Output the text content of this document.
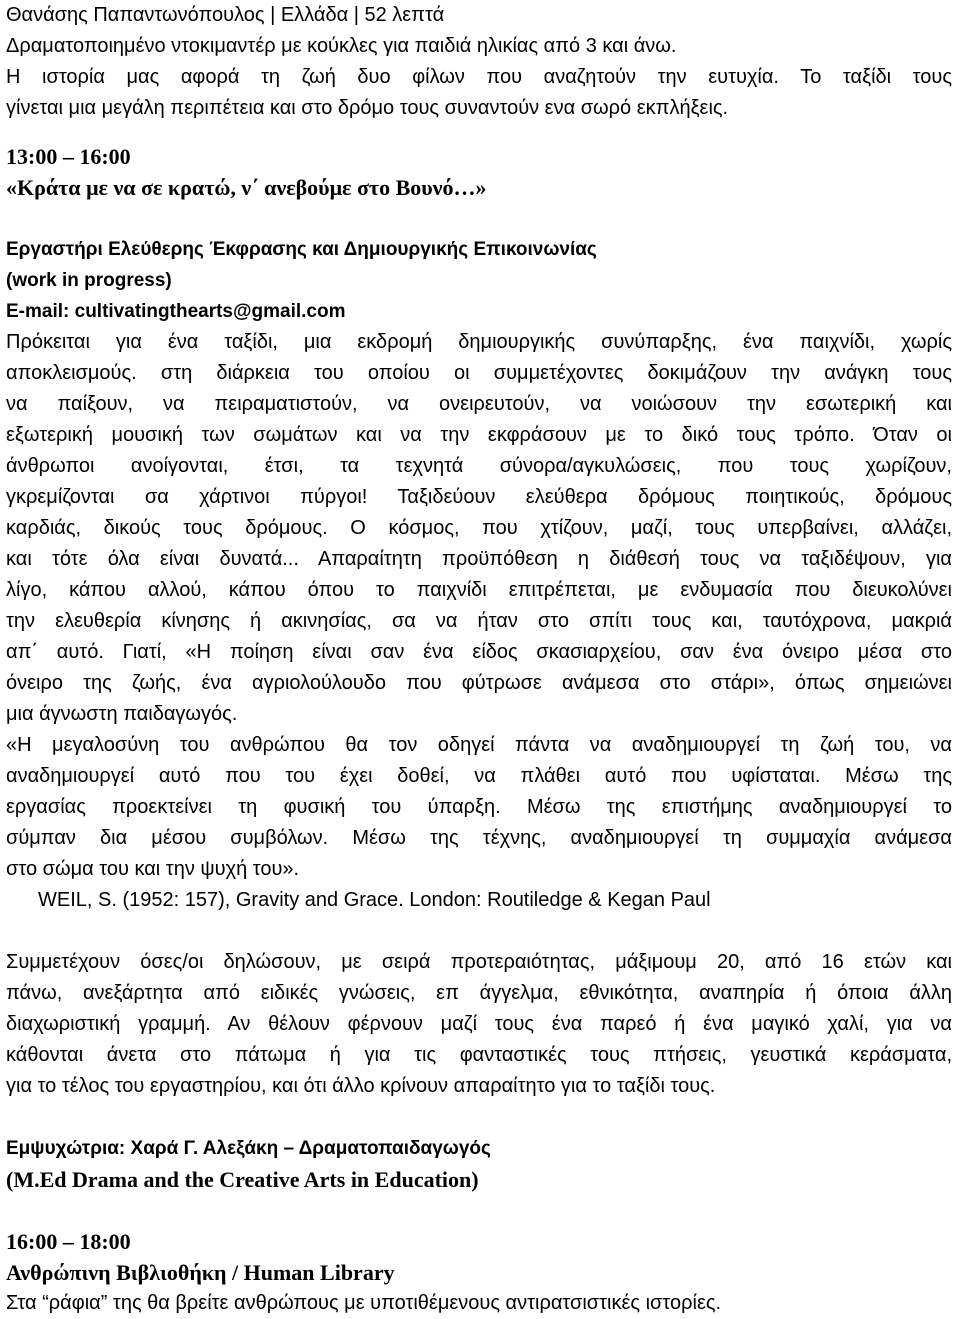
Θανάσης Παπαντωνόπουλος | Ελλάδα | 52 λεπτά
Δραματοποιημένο ντοκιμαντέρ με κούκλες για παιδιά ηλικίας από 3 και άνω.
Η ιστορία μας αφορά τη ζωή δυο φίλων που αναζητούν την ευτυχία. Το ταξίδι τους
γίνεται μια μεγάλη περιπέτεια και στο δρόμο τους συναντούν ενα σωρό εκπλήξεις.
13:00 – 16:00
«Κράτα με να σε κρατώ, ν΄ ανεβούμε στο Βουνό…»
Εργαστήρι Ελεύθερης Έκφρασης και Δημιουργικής Επικοινωνίας
(work in progress)
E-mail: cultivatingthearts@gmail.com
Πρόκειται για ένα ταξίδι, μια εκδρομή δημιουργικής συνύπαρξης, ένα παιχνίδι, χωρίς
αποκλεισμούς. στη διάρκεια του οποίου οι συμμετέχοντες δοκιμάζουν την ανάγκη τους
να παίξουν, να πειραματιστούν, να ονειρευτούν, να νοιώσουν την εσωτερική και
εξωτερική μουσική των σωμάτων και να την εκφράσουν με το δικό τους τρόπο. Όταν οι
άνθρωποι ανοίγονται, έτσι, τα τεχνητά σύνορα/αγκυλώσεις, που τους χωρίζουν,
γκρεμίζονται σα χάρτινοι πύργοι! Ταξιδεύουν ελεύθερα δρόμους ποιητικούς, δρόμους
καρδιάς, δικούς τους δρόμους. Ο κόσμος, που χτίζουν, μαζί, τους υπερβαίνει, αλλάζει,
και τότε όλα είναι δυνατά... Απαραίτητη προϋπόθεση η διάθεσή τους να ταξιδέψουν, για
λίγο, κάπου αλλού, κάπου όπου το παιχνίδι επιτρέπεται, με ενδυμασία που διευκολύνει
την ελευθερία κίνησης ή ακινησίας, σα να ήταν στο σπίτι τους και, ταυτόχρονα, μακριά
απ΄ αυτό. Γιατί, «Η ποίηση είναι σαν ένα είδος σκασιαρχείου, σαν ένα όνειρο μέσα στο
όνειρο της ζωής, ένα αγριολούλουδο που φύτρωσε ανάμεσα στο στάρι», όπως σημειώνει
μια άγνωστη παιδαγωγός.
«Η μεγαλοσύνη του ανθρώπου θα τον οδηγεί πάντα να αναδημιουργεί τη ζωή του, να
αναδημιουργεί αυτό που του έχει δοθεί, να πλάθει αυτό που υφίσταται. Μέσω της
εργασίας προεκτείνει τη φυσική του ύπαρξη. Μέσω της επιστήμης αναδημιουργεί το
σύμπαν δια μέσου συμβόλων. Μέσω της τέχνης, αναδημιουργεί τη συμμαχία ανάμεσα
στο σώμα του και την ψυχή του».
WEIL, S. (1952: 157), Gravity and Grace. London: Routiledge & Kegan Paul
Συμμετέχουν όσες/οι δηλώσουν, με σειρά προτεραιότητας, μάξιμουμ 20, από 16 ετών και
πάνω, ανεξάρτητα από ειδικές γνώσεις, επ άγγελμα, εθνικότητα, αναπηρία ή όποια άλλη
διαχωριστική γραμμή. Αν θέλουν φέρνουν μαζί τους ένα παρεό ή ένα μαγικό χαλί, για να
κάθονται άνετα στο πάτωμα ή για τις φανταστικές τους πτήσεις, γευστικά κεράσματα,
για το τέλος του εργαστηρίου, και ότι άλλο κρίνουν απαραίτητο για το ταξίδι τους.
Εμψυχώτρια: Χαρά Γ. Αλεξάκη – Δραματοπαιδαγωγός
(M.Ed Drama and the Creative Arts in Education)
16:00 – 18:00
Ανθρώπινη Βιβλιοθήκη / Human Library
Στα “ράφια” της θα βρείτε ανθρώπους με υποτιθέμενους αντιρατσιστικές ιστορίες.
